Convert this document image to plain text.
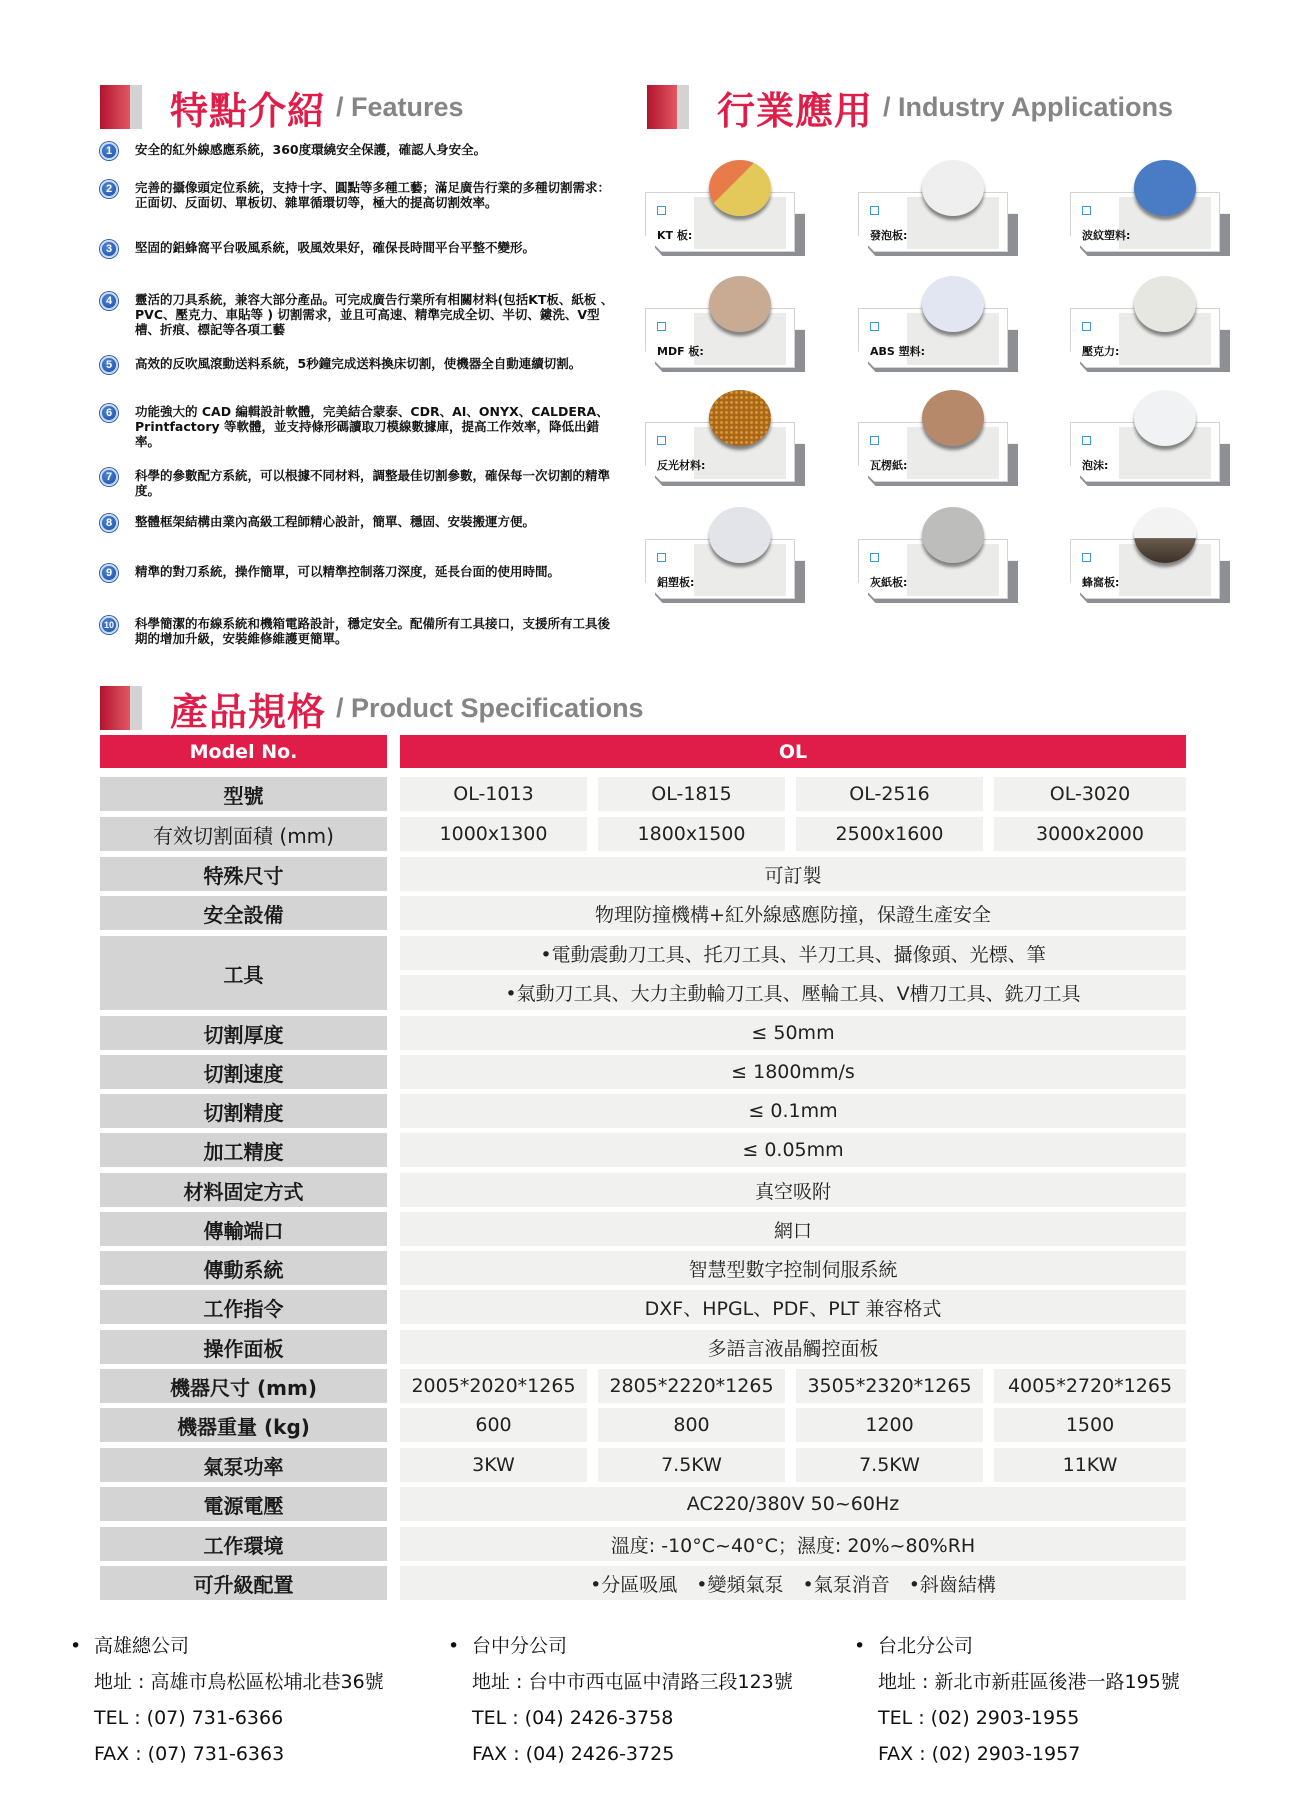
特點介紹 / Features
1	安全的紅外線感應系統，360度環繞安全保護，確認人身安全。
2	完善的攝像頭定位系統，支持十字、圓點等多種工藝；滿足廣告行業的多種切割需求：正面切、反面切、單板切、雜單循環切等，極大的提高切割效率。
3	堅固的鋁蜂窩平台吸風系統，吸風效果好，確保長時間平台平整不變形。
4	靈活的刀具系統，兼容大部分產品。可完成廣告行業所有相關材料(包括KT板、紙板 、PVC、壓克力、車貼等 ) 切割需求，並且可高速、精準完成全切、半切、鏤洗、V型槽、折痕、標記等各項工藝
5	高效的反吹風滾動送料系統，5秒鐘完成送料換床切割，使機器全自動連續切割。
6	功能強大的 CAD 編輯設計軟體，完美結合蒙泰、CDR、AI、ONYX、CALDERA、Printfactory 等軟體，並支持條形碼讀取刀模線數據庫，提高工作效率，降低出錯率。
7	科學的參數配方系統，可以根據不同材料，調整最佳切割參數，確保每一次切割的精準度。
8	整體框架結構由業內高級工程師精心設計，簡單、穩固、安裝搬運方便。
9	精準的對刀系統，操作簡單，可以精準控制落刀深度，延長台面的使用時間。
10	科學簡潔的布線系統和機箱電路設計，穩定安全。配備所有工具接口，支援所有工具後期的增加升級，安裝維修維護更簡單。
行業應用 / Industry Applications
KT 板:	發泡板:	波紋塑料:
MDF 板:	ABS 塑料:	壓克力:
反光材料:	瓦楞紙:	泡沫:
鋁塑板:	灰紙板:	蜂窩板:
產品規格 / Product Specifications
Model No.	OL
型號	OL-1013	OL-1815	OL-2516	OL-3020
有效切割面積 (mm)	1000x1300	1800x1500	2500x1600	3000x2000
特殊尺寸	可訂製
安全設備	物理防撞機構+紅外線感應防撞，保證生產安全
工具
•電動震動刀工具、托刀工具、半刀工具、攝像頭、光標、筆
•氣動刀工具、大力主動輪刀工具、壓輪工具、V槽刀工具、銑刀工具
切割厚度	≤ 50mm
切割速度	≤ 1800mm/s
切割精度	≤ 0.1mm
加工精度	≤ 0.05mm
材料固定方式	真空吸附
傳輸端口	網口
傳動系統	智慧型數字控制伺服系統
工作指令	DXF、HPGL、PDF、PLT 兼容格式
操作面板	多語言液晶觸控面板
機器尺寸 (mm)	2005*2020*1265	2805*2220*1265	3505*2320*1265	4005*2720*1265
機器重量 (kg)	600	800	1200	1500
氣泵功率	3KW	7.5KW	7.5KW	11KW
電源電壓	AC220/380V 50~60Hz
工作環境	溫度: -10°C~40°C；濕度: 20%~80%RH
可升級配置	•分區吸風　•變頻氣泵　•氣泵消音　•斜齒結構
• 高雄總公司
地址 : 高雄市鳥松區松埔北巷36號
TEL : (07) 731-6366
FAX : (07) 731-6363
• 台中分公司
地址 : 台中市西屯區中清路三段123號
TEL : (04) 2426-3758
FAX : (04) 2426-3725
• 台北分公司
地址 : 新北市新莊區後港一路195號
TEL : (02) 2903-1955
FAX : (02) 2903-1957
